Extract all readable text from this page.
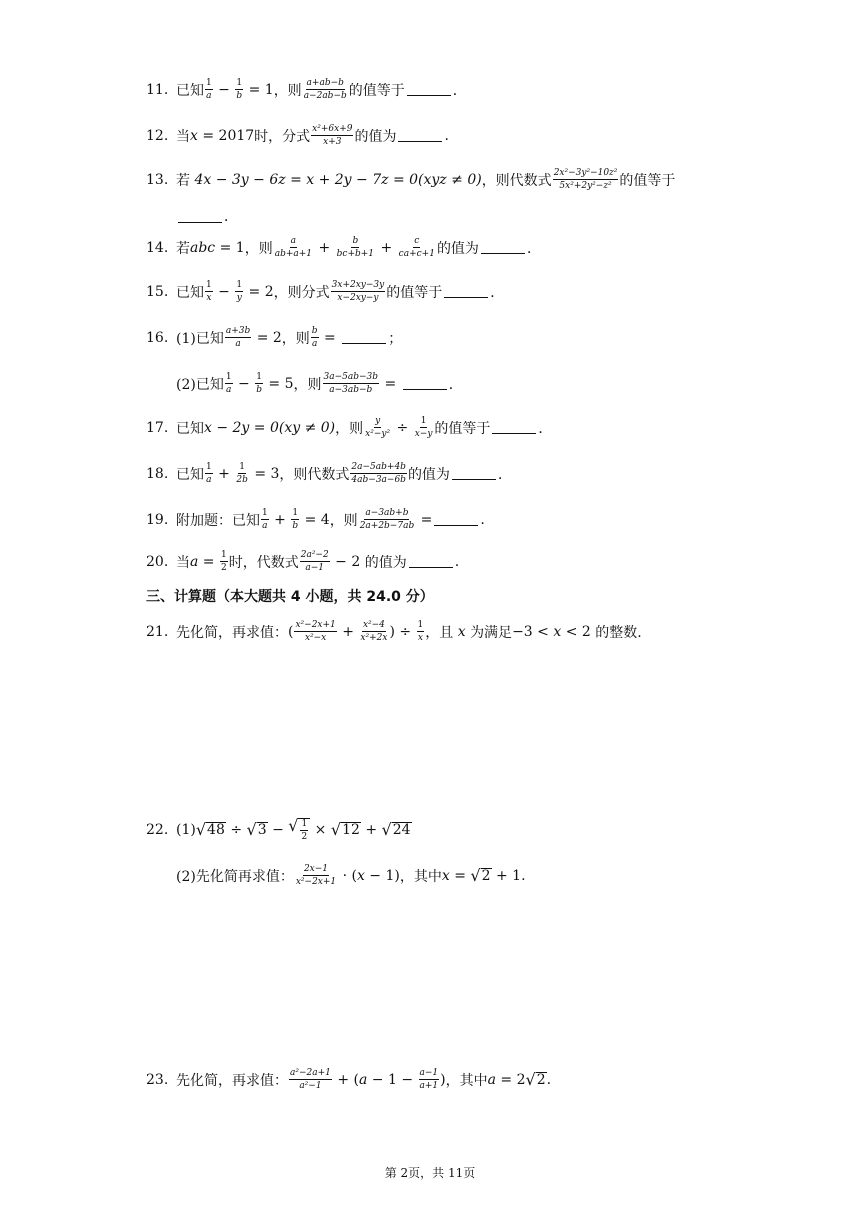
11. 已知 $\frac{1}{a} - \frac{1}{b} = 1$ ，则 $\frac{a+ab-b}{a-2ab-b}$ 的值等于	．
12. 当 x = 2017 时，分式 $\frac{\text{x²+6x+9}}{x+3}$ 的值为	.
13. 若 4x − 3y − 6z = x + 2y − 7z = 0(xyz ≠ 0) ，则代数式 $\frac{\text{2x²−3y²−10z²}}{\text{5x²+2y²−z²}}$ 的值等于
．
14. 若 abc = 1 ，则 $\frac{a}{ab+a+1} + \frac{b}{bc+b+1} + \frac{c}{ca+c+1}$ 的值为	．
15. 已知 $\frac{1}{x} - \frac{1}{y} = 2$ ，则分式 $\frac{3x+2xy-3y}{x-2xy-y}$ 的值等于	．
16. (1)已知 $\frac{a+3b}{a} = 2$ ，则 $\frac{b}{a}$ =	；
(2)已知 $\frac{1}{a} - \frac{1}{b} = 5$ ，则 $\frac{3a-5ab-3b}{a-3ab-b}$ =	．
17. 已知 x − 2y = 0(xy ≠ 0) ，则 $\frac{y}{\text{x²−y²}} \div \frac{1}{x-y}$ 的值等于	．
18. 已知 $\frac{1}{a} + \frac{1}{2b} = 3$ ，则代数式 $\frac{2a-5ab+4b}{4ab-3a-6b}$ 的值为	．
19. 附加题：已知 $\frac{1}{a} + \frac{1}{b} = 4$ ，则 $\frac{a-3ab+b}{2a+2b-7ab}$ =	.
20. 当 $a = \frac{1}{2}$ 时，代数式 $\frac{\text{2a²−2}}{a-1} - 2$ 的值为	.
三、计算题（本大题共 4 小题，共 24.0 分）
21. 先化简，再求值： ( $\frac{\text{x²−2x+1}}{\text{x²−x}} + \frac{\text{x²−4}}{\text{x²+2x}}$ ) ÷ $\frac{1}{x}$ ，且 x 为满足 −3 < x < 2 的整数.
22. (1) √ 48 ÷ √ 3 − √ $\frac{1}{2}$ × √ 12 + √ 24
(2)先化简再求值： $\frac{2x-1}{\text{x²−2x+1}} \cdot (x - 1)$ ，其中 x = √ 2 + 1.
23. 先化简，再求值： $\frac{\text{a²−2a+1}}{\text{a²−1}} + (a - 1 - \frac{a-1}{a+1}$ ) ，其中 a = 2 √ 2 .
第 2页，共 11页
